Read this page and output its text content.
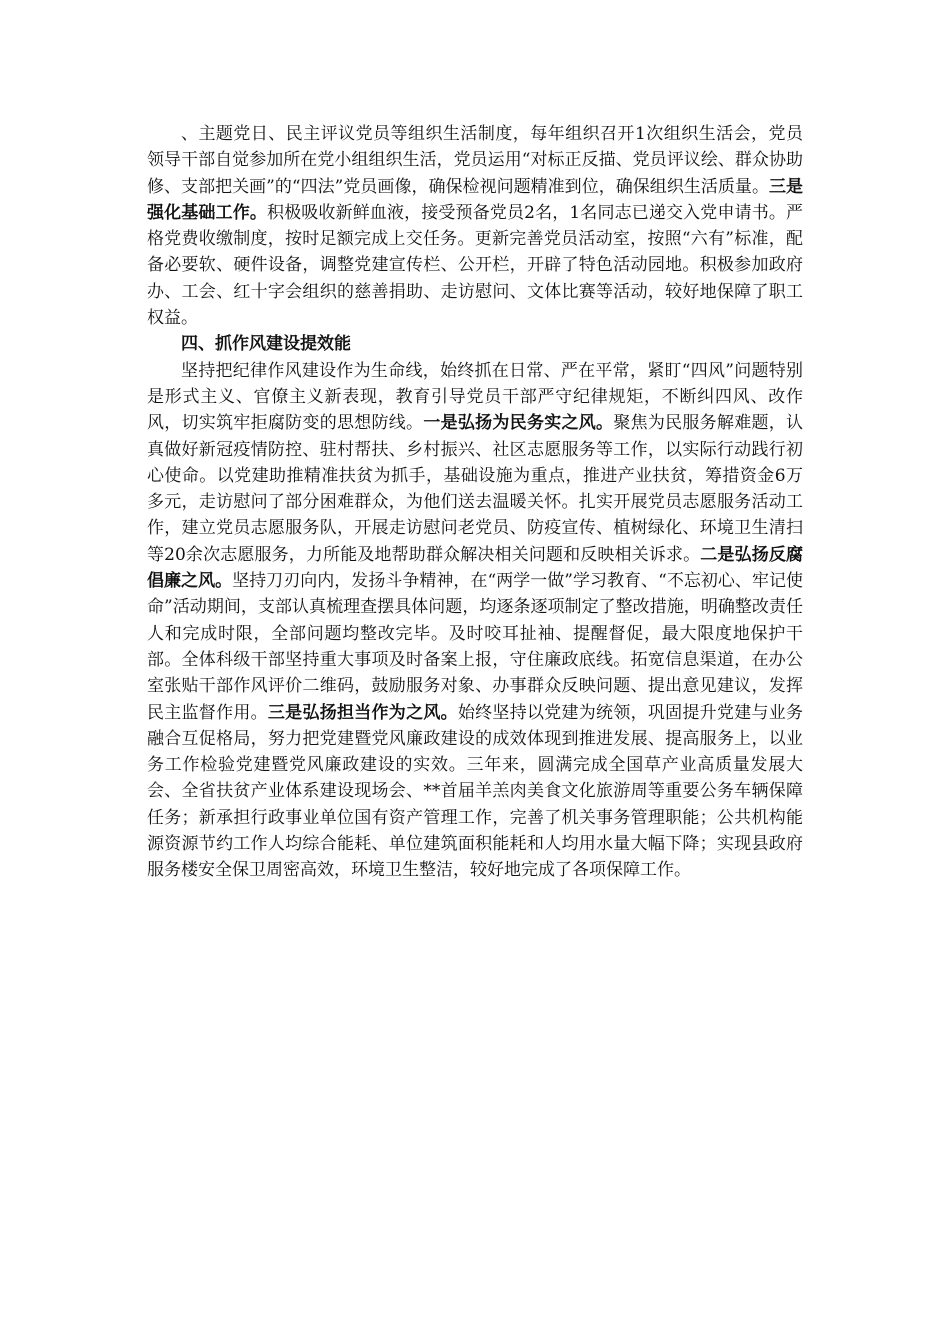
、主题党日、民主评议党员等组织生活制度，每年组织召开1次组织生活会，党员领导干部自觉参加所在党小组组织生活，党员运用“对标正反描、党员评议绘、群众协助修、支部把关画”的“四法”党员画像，确保检视问题精准到位，确保组织生活质量。三是强化基础工作。积极吸收新鲜血液，接受预备党员2名，1名同志已递交入党申请书。严格党费收缴制度，按时足额完成上交任务。更新完善党员活动室，按照“六有”标准，配备必要软、硬件设备，调整党建宣传栏、公开栏，开辟了特色活动园地。积极参加政府办、工会、红十字会组织的慈善捐助、走访慰问、文体比赛等活动，较好地保障了职工权益。

四、抓作风建设提效能

坚持把纪律作风建设作为生命线，始终抓在日常、严在平常，紧盯“四风”问题特别是形式主义、官僚主义新表现，教育引导党员干部严守纪律规矩，不断纠四风、改作风，切实筑牢拒腐防变的思想防线。一是弘扬为民务实之风。聚焦为民服务解难题，认真做好新冠疫情防控、驻村帮扶、乡村振兴、社区志愿服务等工作，以实际行动践行初心使命。以党建助推精准扶贫为抓手，基础设施为重点，推进产业扶贫，筹措资金6万多元，走访慰问了部分困难群众，为他们送去温暖关怀。扎实开展党员志愿服务活动工作，建立党员志愿服务队，开展走访慰问老党员、防疫宣传、植树绿化、环境卫生清扫等20余次志愿服务，力所能及地帮助群众解决相关问题和反映相关诉求。二是弘扬反腐倡廉之风。坚持刀刃向内，发扬斗争精神，在“两学一做”学习教育、“不忘初心、牢记使命”活动期间，支部认真梳理查摆具体问题，均逐条逐项制定了整改措施，明确整改责任人和完成时限，全部问题均整改完毕。及时咬耳扯袖、提醒督促，最大限度地保护干部。全体科级干部坚持重大事项及时备案上报，守住廉政底线。拓宽信息渠道，在办公室张贴干部作风评价二维码，鼓励服务对象、办事群众反映问题、提出意见建议，发挥民主监督作用。三是弘扬担当作为之风。始终坚持以党建为统领，巩固提升党建与业务融合互促格局，努力把党建暨党风廉政建设的成效体现到推进发展、提高服务上，以业务工作检验党建暨党风廉政建设的实效。三年来，圆满完成全国草产业高质量发展大会、全省扶贫产业体系建设现场会、**首届羊羔肉美食文化旅游周等重要公务车辆保障任务；新承担行政事业单位国有资产管理工作，完善了机关事务管理职能；公共机构能源资源节约工作人均综合能耗、单位建筑面积能耗和人均用水量大幅下降；实现县政府服务楼安全保卫周密高效，环境卫生整洁，较好地完成了各项保障工作。
